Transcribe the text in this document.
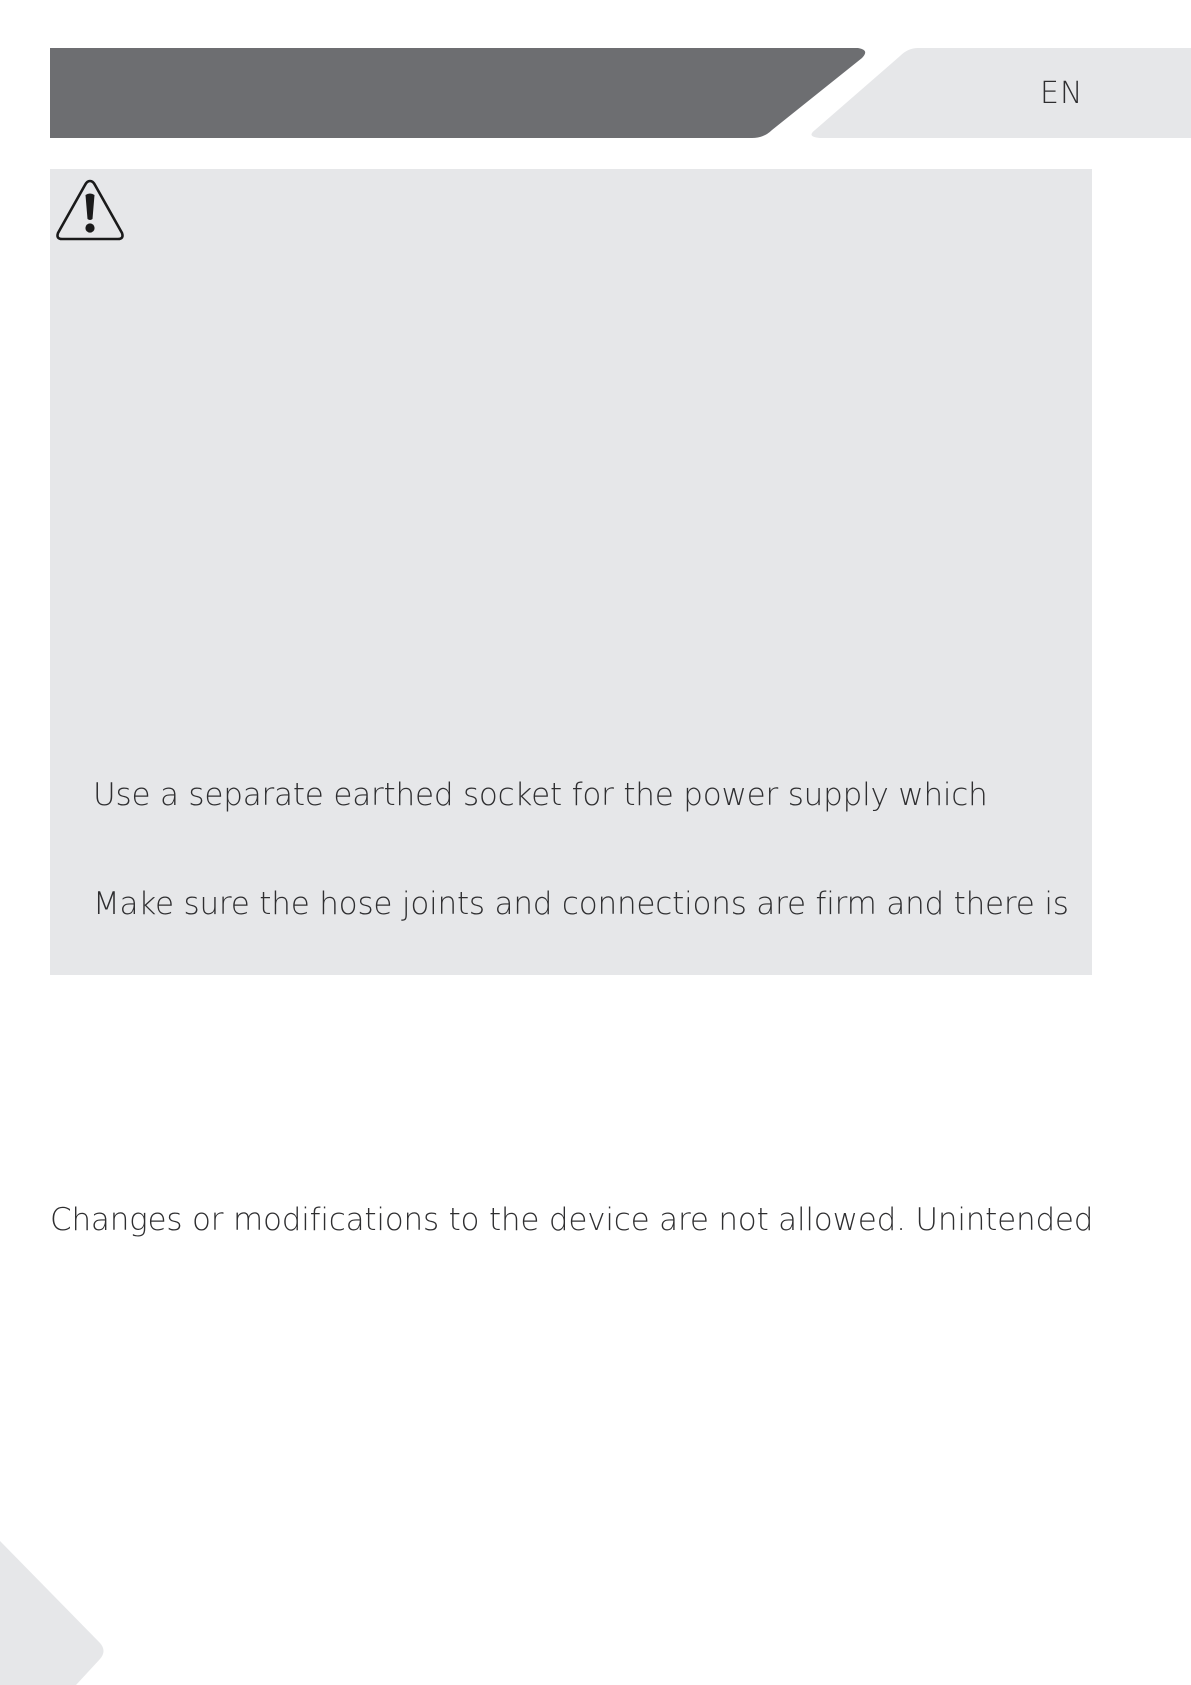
EN
Use a separate earthed socket for the power supply which
Make sure the hose joints and connections are firm and there is
Changes or modifications to the device are not allowed. Unintended
